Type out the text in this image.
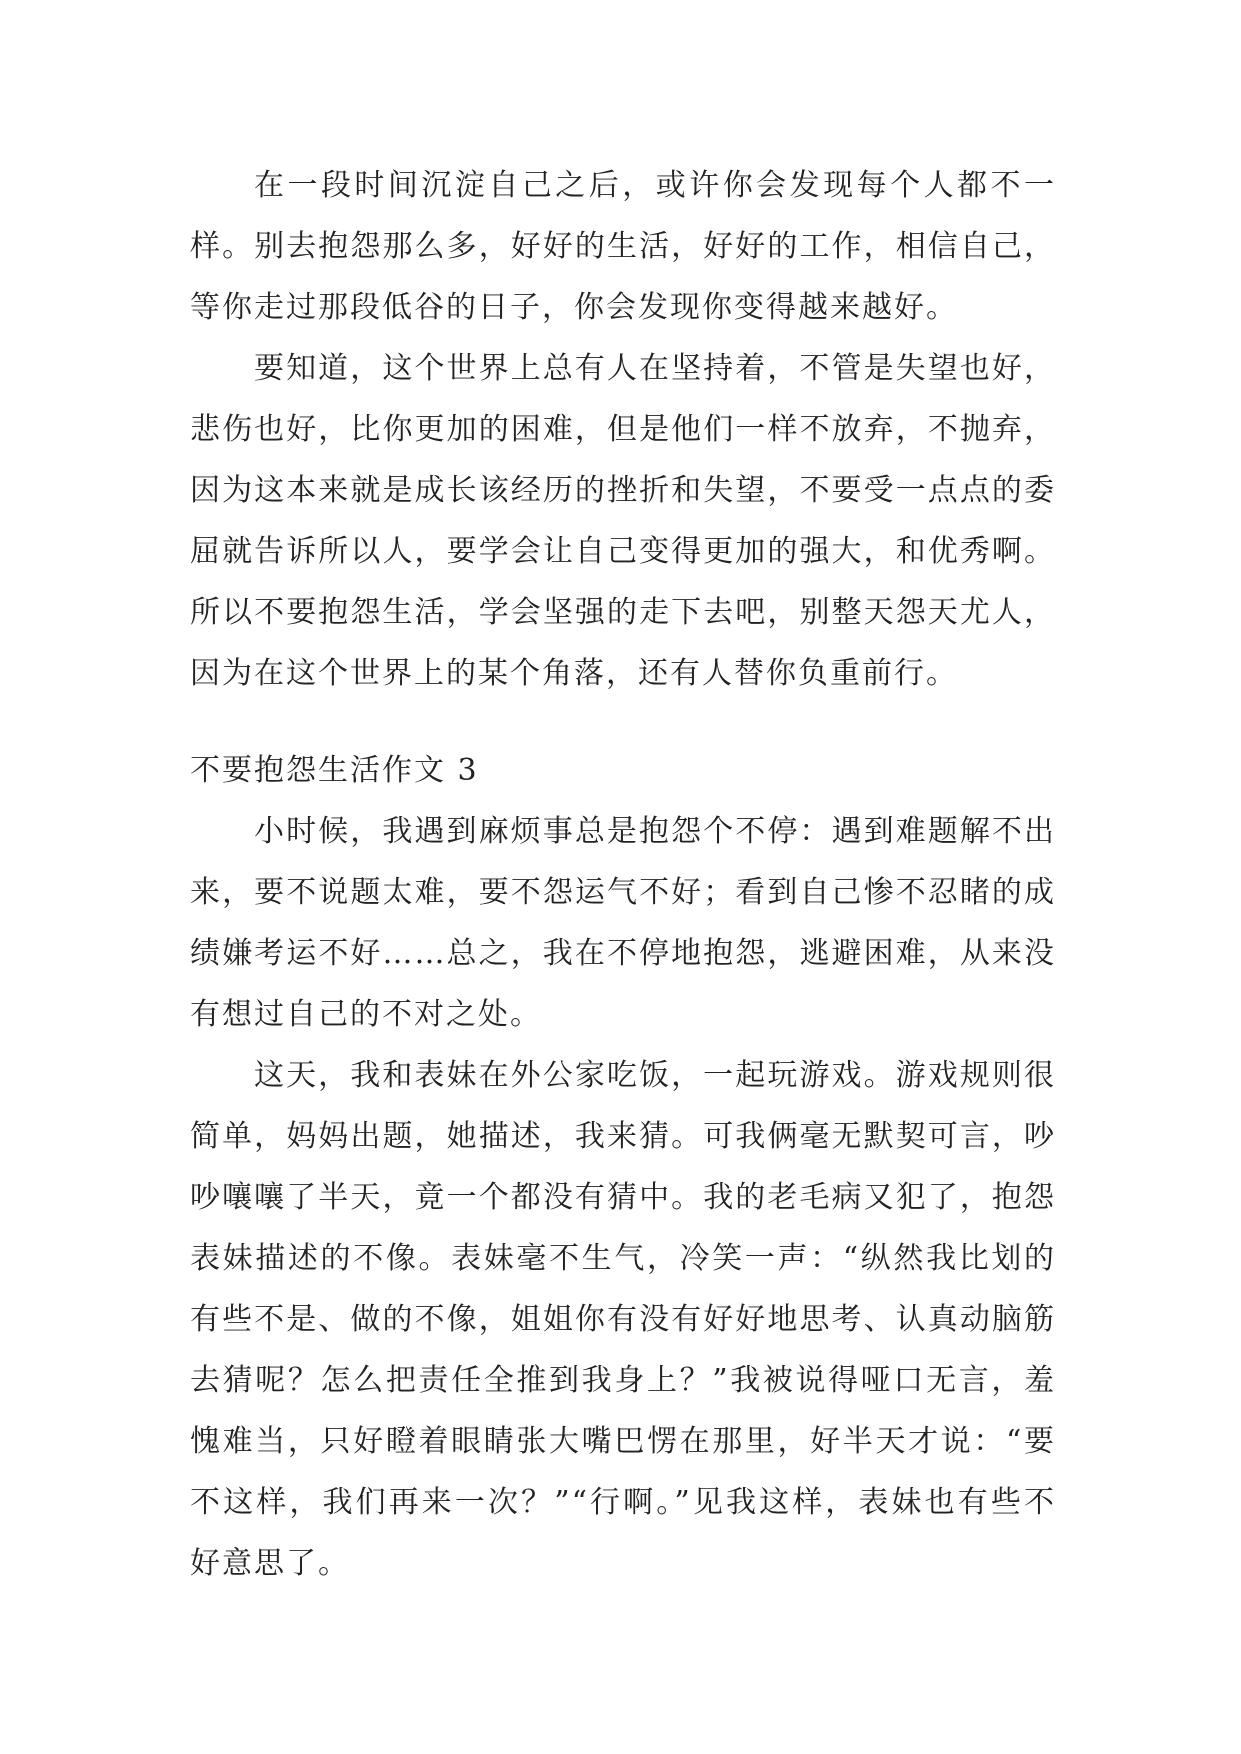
在一段时间沉淀自己之后，或许你会发现每个人都不一样。别去抱怨那么多，好好的生活，好好的工作，相信自己，等你走过那段低谷的日子，你会发现你变得越来越好。

要知道，这个世界上总有人在坚持着，不管是失望也好，悲伤也好，比你更加的困难，但是他们一样不放弃，不抛弃，因为这本来就是成长该经历的挫折和失望，不要受一点点的委屈就告诉所以人，要学会让自己变得更加的强大，和优秀啊。所以不要抱怨生活，学会坚强的走下去吧，别整天怨天尤人，因为在这个世界上的某个角落，还有人替你负重前行。

不要抱怨生活作文 3

小时候，我遇到麻烦事总是抱怨个不停：遇到难题解不出来，要不说题太难，要不怨运气不好；看到自己惨不忍睹的成绩嫌考运不好……总之，我在不停地抱怨，逃避困难，从来没有想过自己的不对之处。

这天，我和表妹在外公家吃饭，一起玩游戏。游戏规则很简单，妈妈出题，她描述，我来猜。可我俩毫无默契可言，吵吵嚷嚷了半天，竟一个都没有猜中。我的老毛病又犯了，抱怨表妹描述的不像。表妹毫不生气，冷笑一声：“纵然我比划的有些不是、做的不像，姐姐你有没有好好地思考、认真动脑筋去猜呢？怎么把责任全推到我身上？”我被说得哑口无言，羞愧难当，只好瞪着眼睛张大嘴巴愣在那里，好半天才说：“要不这样，我们再来一次？”“行啊。”见我这样，表妹也有些不好意思了。
